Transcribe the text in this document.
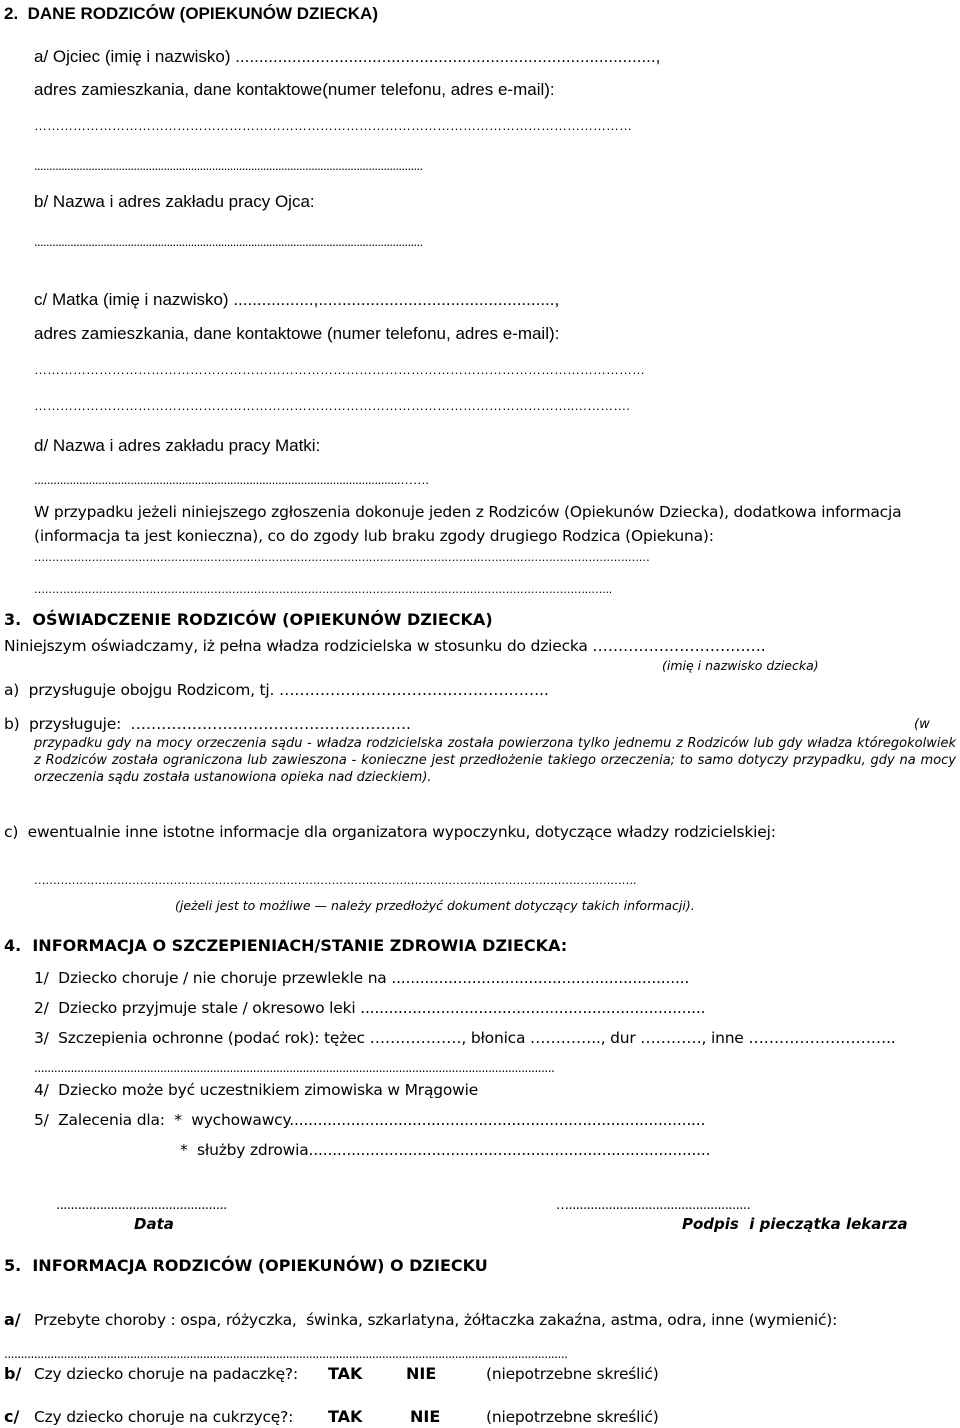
2.  DANE RODZICÓW (OPIEKUNÓW DZIECKA)
a/ Ojciec (imię i nazwisko) .........................................................................................,
adres zamieszkania, dane kontaktowe(numer telefonu, adres e-mail):
…………………………………………………………………………………………………………………………
.................................................................................................................................
b/ Nazwa i adres zakładu pracy Ojca:
.................................................................................................................................
c/ Matka (imię i nazwisko) .................,..................................................,
adres zamieszkania, dane kontaktowe (numer telefonu, adres e-mail):
……………………………………………………………………………………………………………………………
……………………………………………………………………………………………………………..………….
d/ Nazwa i adres zakładu pracy Matki:
..................................................................................................................…….
W przypadku jeżeli niniejszego zgłoszenia dokonuje jeden z Rodziców (Opiekunów Dziecka), dodatkowa informacja (informacja ta jest konieczna), co do zgody lub braku zgody drugiego Rodzica (Opiekuna):
………………………………………………………………………………………………………………………………………………………
………………………………………………………………………………………………………………………………………..…...
3.  OŚWIADCZENIE RODZICÓW (OPIEKUNÓW DZIECKA)
Niniejszym oświadczamy, iż pełna władza rodzicielska w stosunku do dziecka …………………………….
(imię i nazwisko dziecka)
a)  przysługuje obojgu Rodzicom, tj. ……………………………………………..
b)  przysługuje:  ……………………………………………….	(w
przypadku gdy na mocy orzeczenia sądu - władza rodzicielska została powierzona tylko jednemu z Rodziców lub gdy władza któregokolwiek z Rodziców została ograniczona lub zawieszona - konieczne jest przedłożenie takiego orzeczenia; to samo dotyczy przypadku, gdy na mocy orzeczenia sądu została ustanowiona opieka nad dzieckiem).
c)  ewentualnie inne istotne informacje dla organizatora wypoczynku, dotyczące władzy rodzicielskiej:
…………………………………………………………………………………………………………………………………………….
(jeżeli jest to możliwe — należy przedłożyć dokument dotyczący takich informacji).
4.  INFORMACJA O SZCZEPIENIACH/STANIE ZDROWIA DZIECKA:
1/  Dziecko choruje / nie choruje przewlekle na ...............................................................
2/  Dziecko przyjmuje stale / okresowo leki .........................................................................
3/  Szczepienia ochronne (podać rok): tężec ………………, błonica ………….., dur …………, inne ………………………..
.............................................................................................................................................................
4/  Dziecko może być uczestnikiem zimowiska w Mrągowie
5/  Zalecenia dla:  *  wychowawcy........................................................................................
*  służby zdrowia.....................................................................................
...............................................	…..................................................
Data	Podpis  i pieczątka lekarza
5.  INFORMACJA RODZICÓW (OPIEKUNÓW) O DZIECKU
a/ Przebyte choroby : ospa, różyczka,  świnka, szkarlatyna, żółtaczka zakaźna, astma, odra, inne (wymienić):
..........................................................................................................................................................................
b/ Czy dziecko choruje na padaczkę?: TAK	NIE	(niepotrzebne skreślić)
c/ Czy dziecko choruje na cukrzycę?: TAK	NIE	(niepotrzebne skreślić)
